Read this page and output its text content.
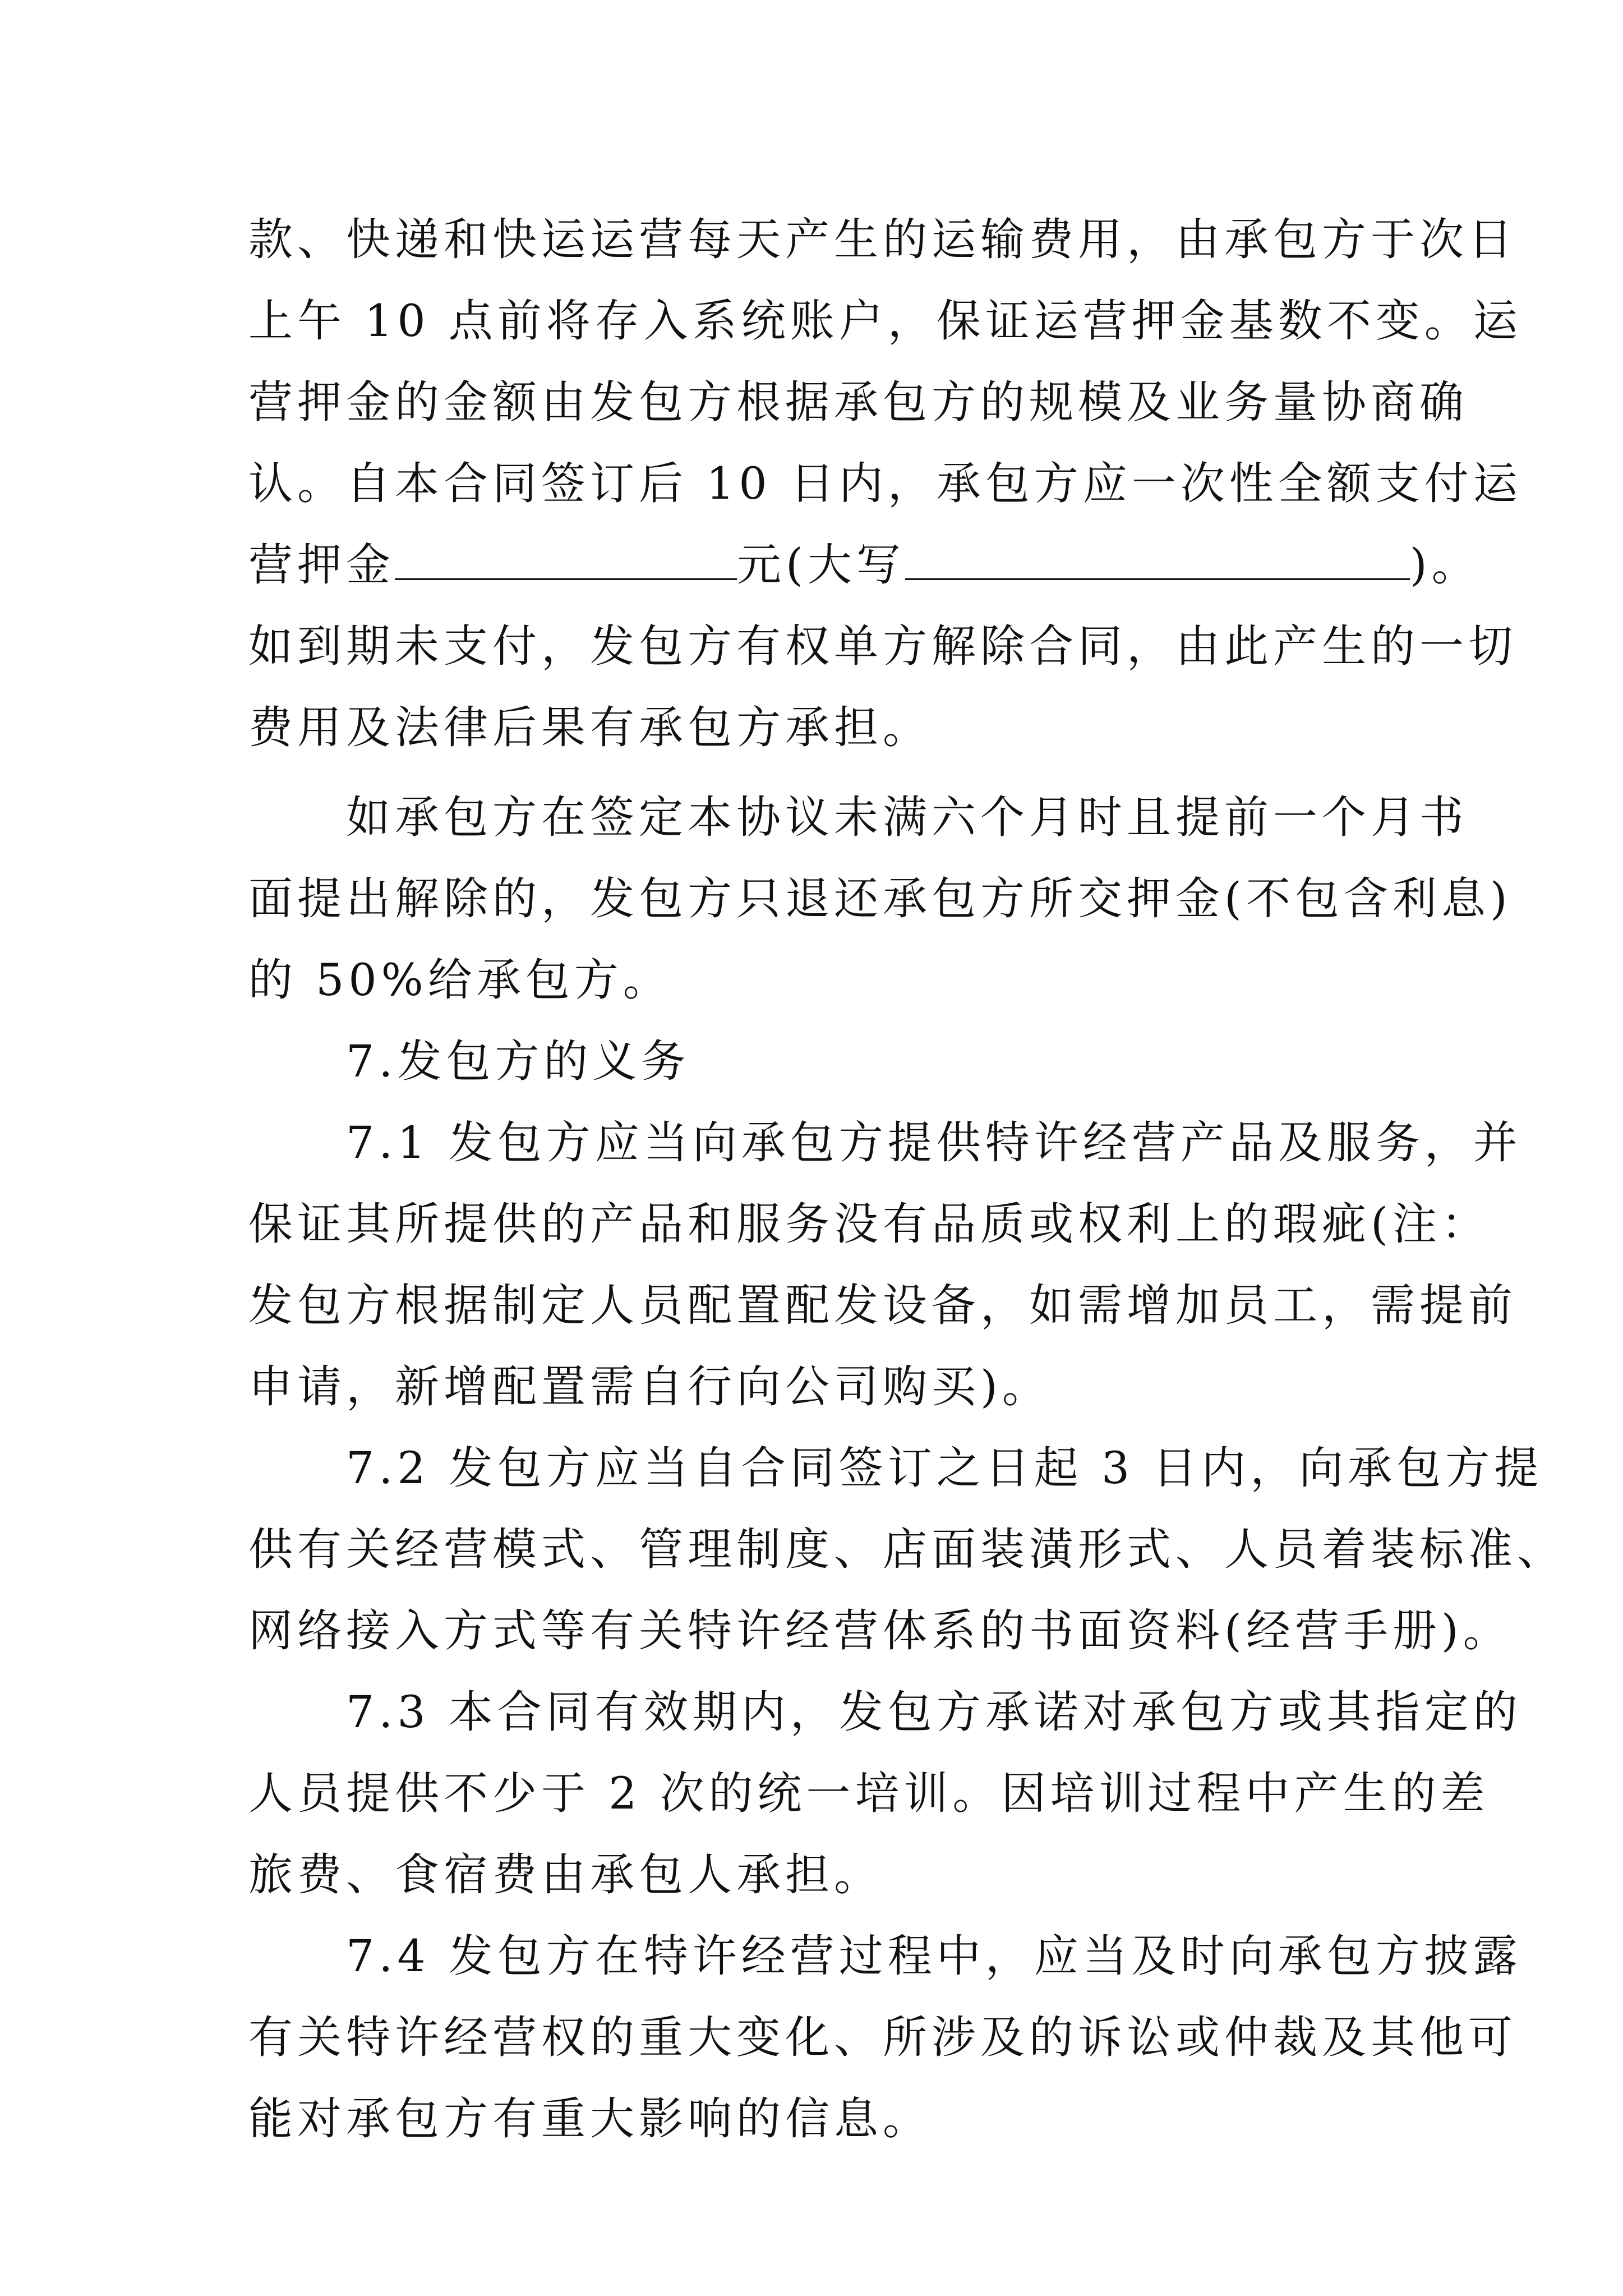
款、快递和快运运营每天产生的运输费用，由承包方于次日
上午 10 点前将存入系统账户，保证运营押金基数不变。运
营押金的金额由发包方根据承包方的规模及业务量协商确
认。自本合同签订后 10 日内，承包方应一次性全额支付运
营押金	元(大写	)。
如到期未支付，发包方有权单方解除合同，由此产生的一切
费用及法律后果有承包方承担。
　　如承包方在签定本协议未满六个月时且提前一个月书
面提出解除的，发包方只退还承包方所交押金(不包含利息)
的 50%给承包方。
　　7.发包方的义务
　　7.1 发包方应当向承包方提供特许经营产品及服务，并
保证其所提供的产品和服务没有品质或权利上的瑕疵(注：
发包方根据制定人员配置配发设备，如需增加员工，需提前
申请，新增配置需自行向公司购买)。
　　7.2 发包方应当自合同签订之日起 3 日内，向承包方提
供有关经营模式、管理制度、店面装潢形式、人员着装标准、
网络接入方式等有关特许经营体系的书面资料(经营手册)。
　　7.3 本合同有效期内，发包方承诺对承包方或其指定的
人员提供不少于 2 次的统一培训。因培训过程中产生的差
旅费、食宿费由承包人承担。
　　7.4 发包方在特许经营过程中，应当及时向承包方披露
有关特许经营权的重大变化、所涉及的诉讼或仲裁及其他可
能对承包方有重大影响的信息。
